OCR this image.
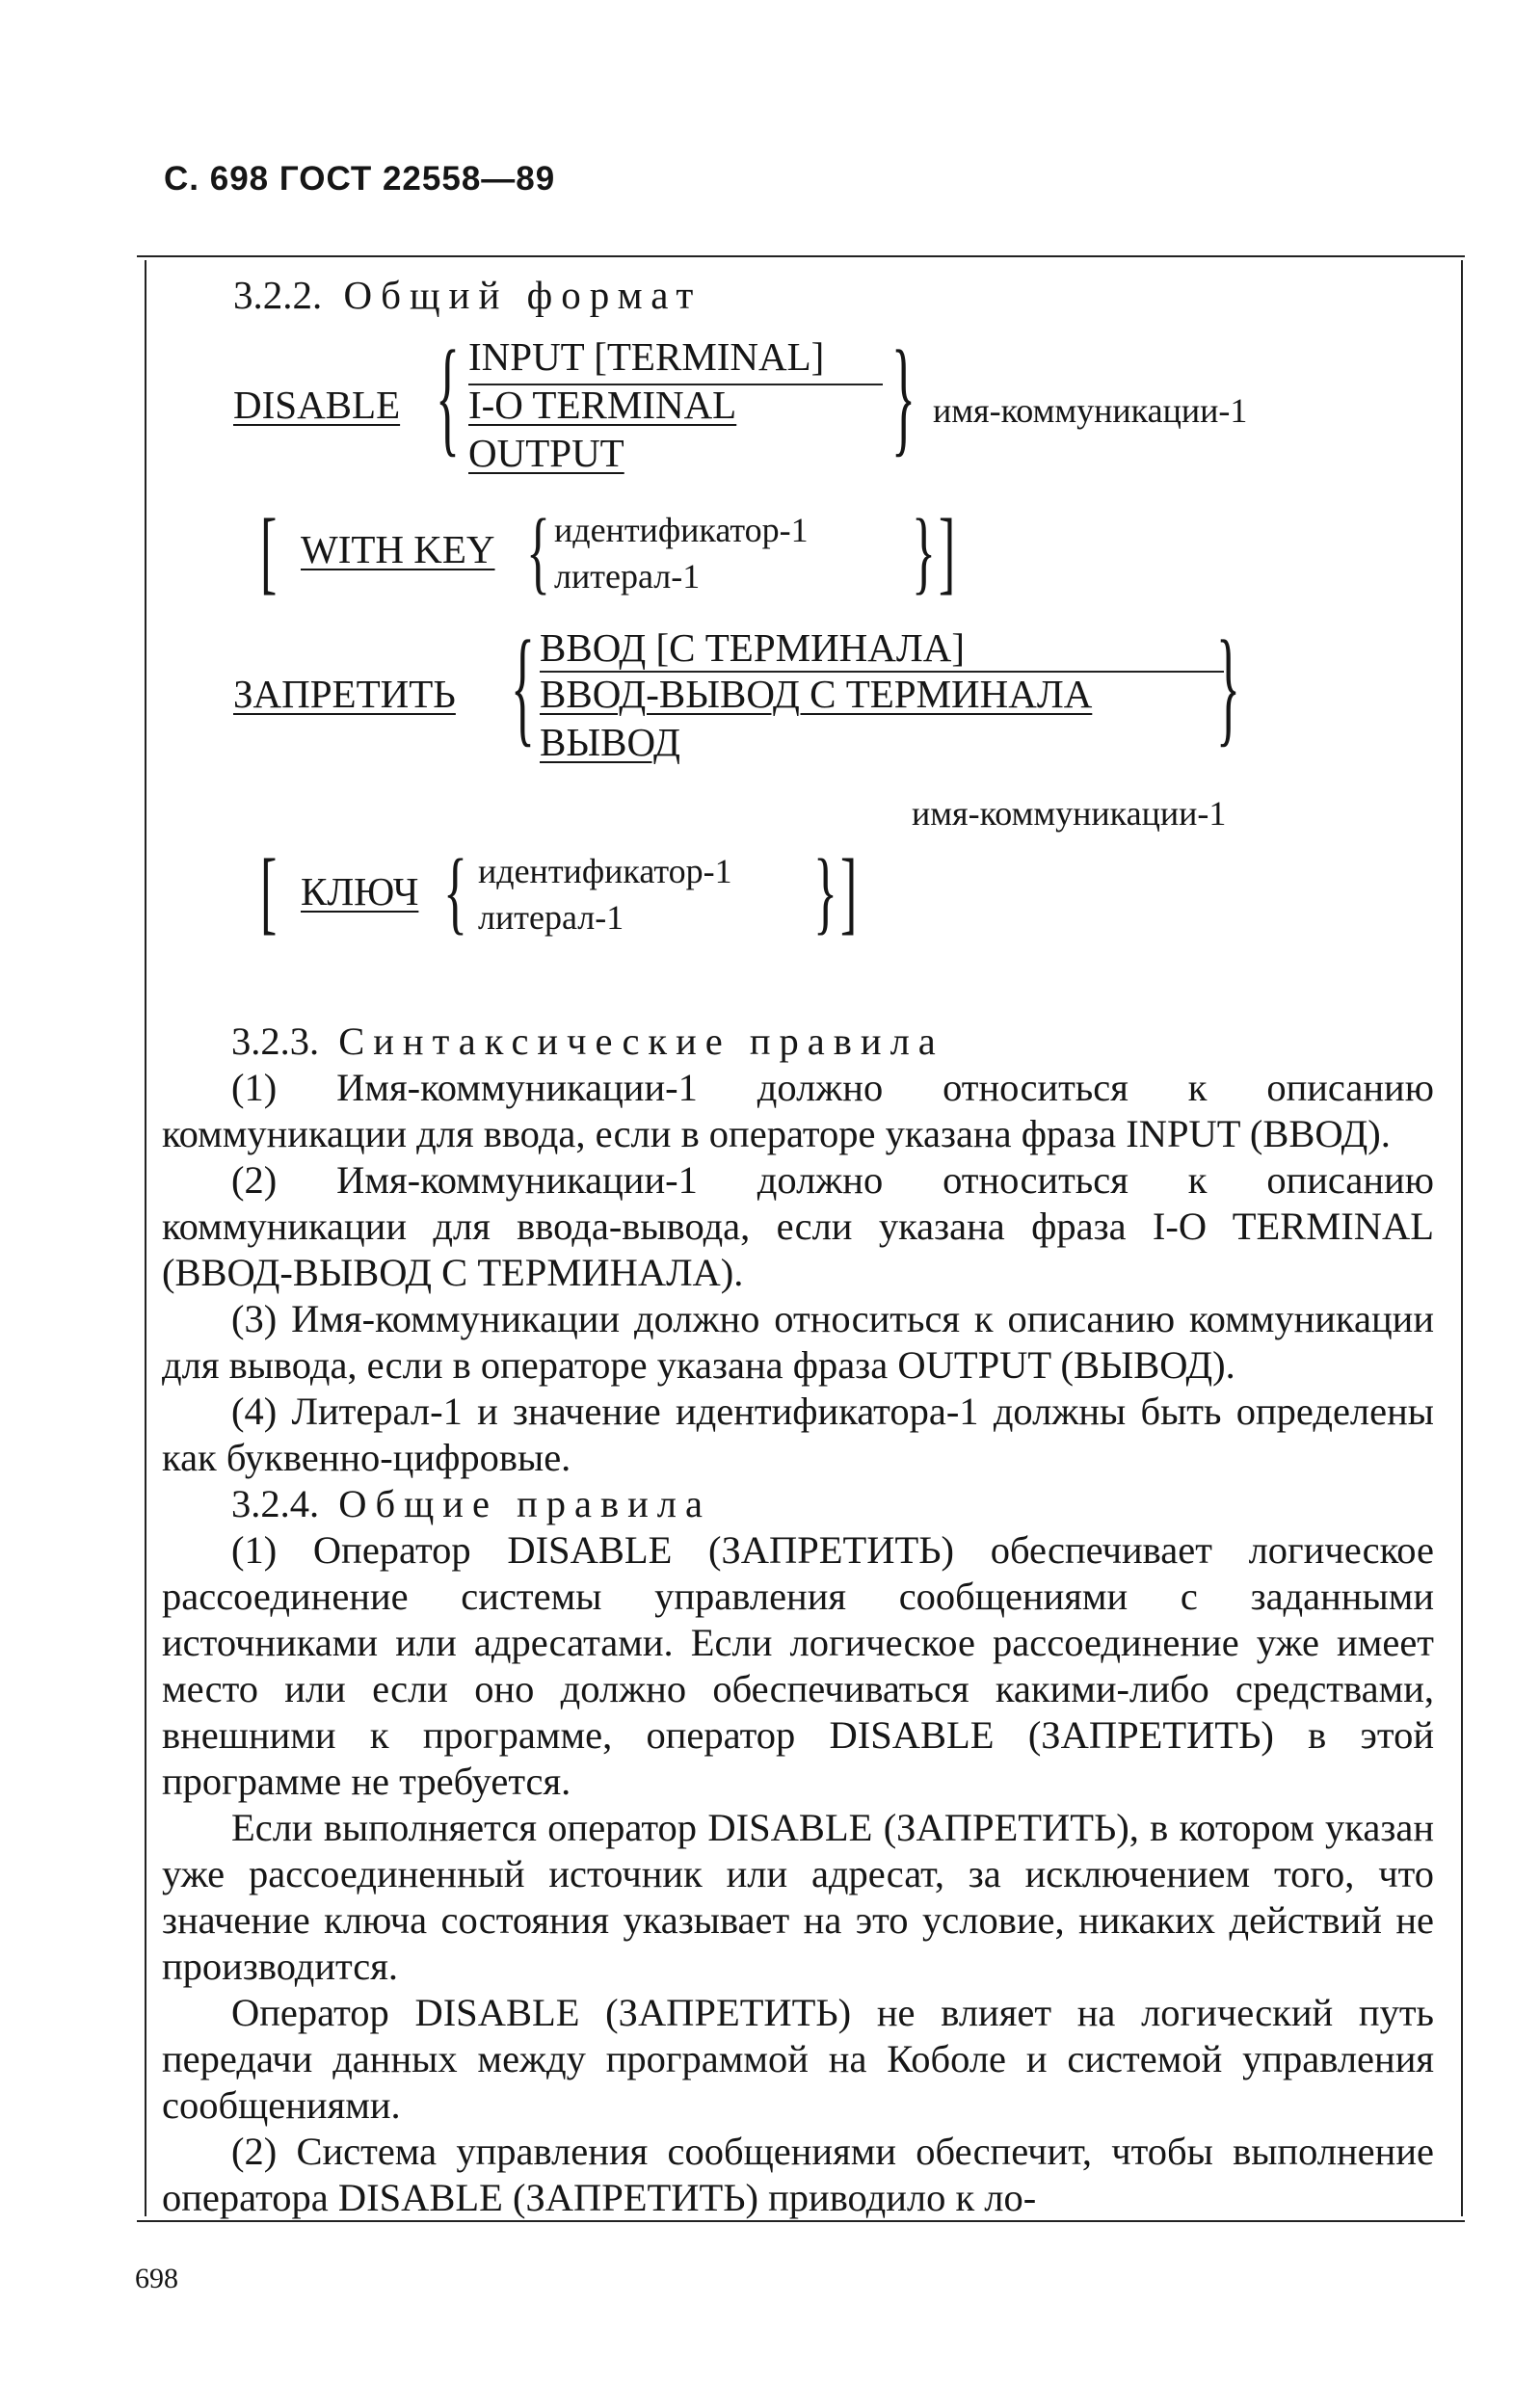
С. 698 ГОСТ 22558—89
3.2.2. Общий формат
DISABLE { INPUT [TERMINAL]
I-O TERMINAL
OUTPUT	} имя-коммуникации-1
[ WITH KEY { идентификатор-1
литерал-1	} ]
ЗАПРЕТИТЬ { ВВОД [С ТЕРМИНАЛА]
ВВОД-ВЫВОД С ТЕРМИНАЛА
ВЫВОД	}
имя-коммуникации-1
[ КЛЮЧ { идентификатор-1
литерал-1	} ]

3.2.3. Синтаксические правила

(1) Имя-коммуникации-1 должно относиться к описанию коммуникации для ввода, если в операторе указана фраза INPUT (ВВОД).

(2) Имя-коммуникации-1 должно относиться к описанию коммуникации для ввода-вывода, если указана фраза I-O TERMINAL (ВВОД-ВЫВОД С ТЕРМИНАЛА).

(3) Имя-коммуникации должно относиться к описанию коммуникации для вывода, если в операторе указана фраза OUTPUT (ВЫВОД).

(4) Литерал-1 и значение идентификатора-1 должны быть определены как буквенно-цифровые.

3.2.4. Общие правила

(1) Оператор DISABLE (ЗАПРЕТИТЬ) обеспечивает логическое рассоединение системы управления сообщениями с заданными источниками или адресатами. Если логическое рассоединение уже имеет место или если оно должно обеспечиваться какими-либо средствами, внешними к программе, оператор DISABLE (ЗАПРЕТИТЬ) в этой программе не требуется.

Если выполняется оператор DISABLE (ЗАПРЕТИТЬ), в котором указан уже рассоединенный источник или адресат, за исключением того, что значение ключа состояния указывает на это условие, никаких действий не производится.

Оператор DISABLE (ЗАПРЕТИТЬ) не влияет на логический путь передачи данных между программой на Коболе и системой управления сообщениями.

(2) Система управления сообщениями обеспечит, чтобы выполнение оператора DISABLE (ЗАПРЕТИТЬ) приводило к ло-

698
